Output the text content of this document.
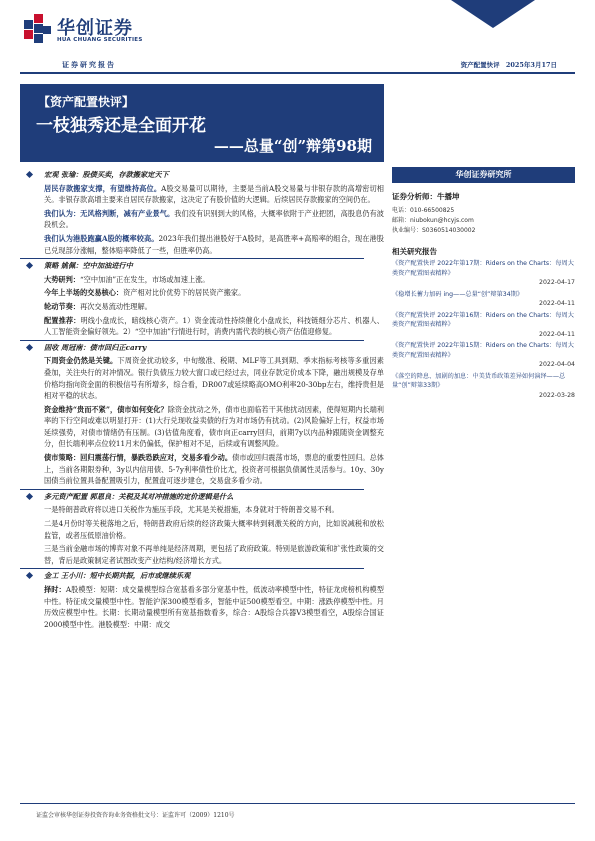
华创证券
HUA CHUANG SECURITIES
证券研究报告	资产配置快评 2025年3月17日
【资产配置快评】
一枝独秀还是全面开花
——总量“创”辩第98期
宏观 张瑜：股债买卖，存款搬家定天下

居民存款搬家支撑，有望维持高位。A股交易量可以期待，主要是当前A股交易量与非银存款的高增密切相关。非银存款高增主要来自居民存款搬家，这决定了有股价值的大逻辑。后续居民存款搬家的空间仍在。

我们认为：无风格判断，减有产业景气。我们没有识别到大的风格，大概率依附于产业把团，高股息仍有波段机会。

我们认为港股跑赢A股的概率较高。2023年我们提出港股好于A股时，是高胜率+高赔率的组合，现在港股已兑现部分涨幅，整体赔率降低了一些，但胜率仍高。

策略 姚佩：空中加油进行中

大势研判：“空中加油”正在发生，市场或加速上涨。

今年上半场的交易核心：资产相对比价优势下的居民资产搬家。

轮动节奏：再次交易流动性理解。

配置推荐：明线小盘成长，暗线核心资产。1）资金流动性持续催化小盘成长，科技链细分芯片、机器人、人工智能资金偏好领先。2）“空中加油”行情进行时，消费内需代表的核心资产估值迎修复。

固收 周冠南：债市回归正carry

下周资金仍然是关键。下周资金扰动较多，中旬缴准、税期、MLF等工具到期、季末指标考核等多重因素叠加，关注央行的对冲情况。银行负债压力较大窗口或已经过去，同业存款定价成本下降，融出规模及存单价格均指向资金面的积极信号有所增多，综合看，DR007或延续略高OMO利率20-30bp左右，维持贵但是相对平稳的状态。

资金维持“贵而不紧”，债市如何变化？除资金扰动之外，债市也面临若干其他扰动因素，使得短期内长端利率的下行空间或难以明显打开：(1)大行兑现收益卖债的行为对市场仍有扰动。(2)风险偏好上行，权益市场延续强势，对债市情绪仍有压制。(3)估值角度看，债市向正carry回归，前期7y以内品种跟随资金调整充分，但长端利率点位较11月末仍偏低，保护相对不足，后续或有调整风险。

债市策略：回归震荡行情，暴跌恐跌应对，交易多看少动。债市或回归震荡市场，票息的重要性回归。总体上，当前各期限券种，3y以内信用债、5-7y利率债性价比尤，投资者可根据负债属性灵活参与。10y、30y国债当前位置具备配置吸引力，配置盘可逐步建仓，交易盘多看少动。

多元资产配置 郭恩良：关税及其对冲措施的定价逻辑是什么

一是特朗普政府将以进口关税作为施压手段，尤其是关税措施，本身就对于特朗普交易不利。

二是4月份时等关税落地之后，特朗普政府后续的经济政策大概率转到刺激关税的方向，比如说减税和放松监管，或者压低原油价格。

三是当前金融市场的博弈对象不再单纯是经济周期，更包括了政府政策。特别是旅游政策和扩张性政策的交替，背后是政策制定者试图改变产业结构/经济增长方式。

金工 王小川：短中长期共振，后市或继续乐观

择时：A股模型：短期：成交量模型综合宽基看多部分宽基中性，低波动率模型中性，特征龙虎榜机构模型中性。特征成交量模型中性。智能沪深300模型看多，智能中证500模型看空。中期：涨跌停模型中性。月历效应模型中性。长期：长期动量模型所有宽基指数看多，综合：A股综合兵器V3模型看空，A股综合国证2000模型中性。港股模型：中期：成交

华创证券研究所
证券分析师：牛播坤
电话：010-66500825
邮箱：niubokun@hcyjs.com
执业编号：S0360514030002
相关研究报告
《资产配置快评 2022年第17期：Riders on the Charts：每周大类资产配置图表精粹》
2022-04-17
《稳增长蓄力加码 ing——总量“创”辩第34期》
2022-04-11
《资产配置快评 2022年第16期：Riders on the Charts：每周大类资产配置图表精粹》
2022-04-11
《资产配置快评 2022年第15期：Riders on the Charts：每周大类资产配置图表精粹》
2022-04-04
《落空的降息、加剧的加息：中美货币政策差异如何演绎——总量“创”辩第33期》
2022-03-28
证监会审核华创证券投资咨询业务资格批文号：证监许可（2009）1210号
